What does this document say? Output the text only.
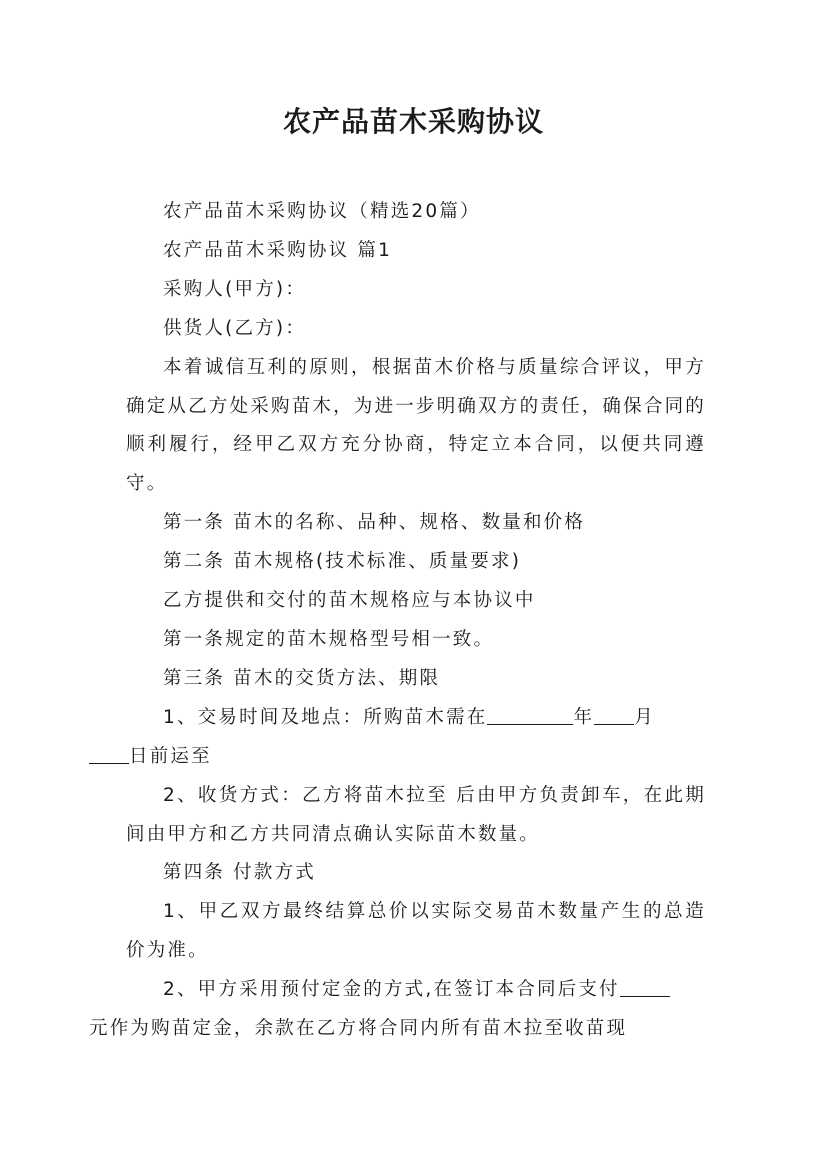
农产品苗木采购协议

农产品苗木采购协议（精选20篇）

农产品苗木采购协议 篇1

采购人(甲方)：

供货人(乙方)：

本着诚信互利的原则，根据苗木价格与质量综合评议，甲方确定从乙方处采购苗木，为进一步明确双方的责任，确保合同的顺利履行，经甲乙双方充分协商，特定立本合同，以便共同遵守。

第一条 苗木的名称、品种、规格、数量和价格

第二条 苗木规格(技术标准、质量要求)

乙方提供和交付的苗木规格应与本协议中

第一条规定的苗木规格型号相一致。

第三条 苗木的交货方法、期限

1、交易时间及地点：所购苗木需在	年 月
日前运至

2、收货方式：乙方将苗木拉至 后由甲方负责卸车，在此期间由甲方和乙方共同清点确认实际苗木数量。

第四条 付款方式

1、甲乙双方最终结算总价以实际交易苗木数量产生的总造价为准。

2、甲方采用预付定金的方式,在签订本合同后支付
元作为购苗定金，余款在乙方将合同内所有苗木拉至收苗现
